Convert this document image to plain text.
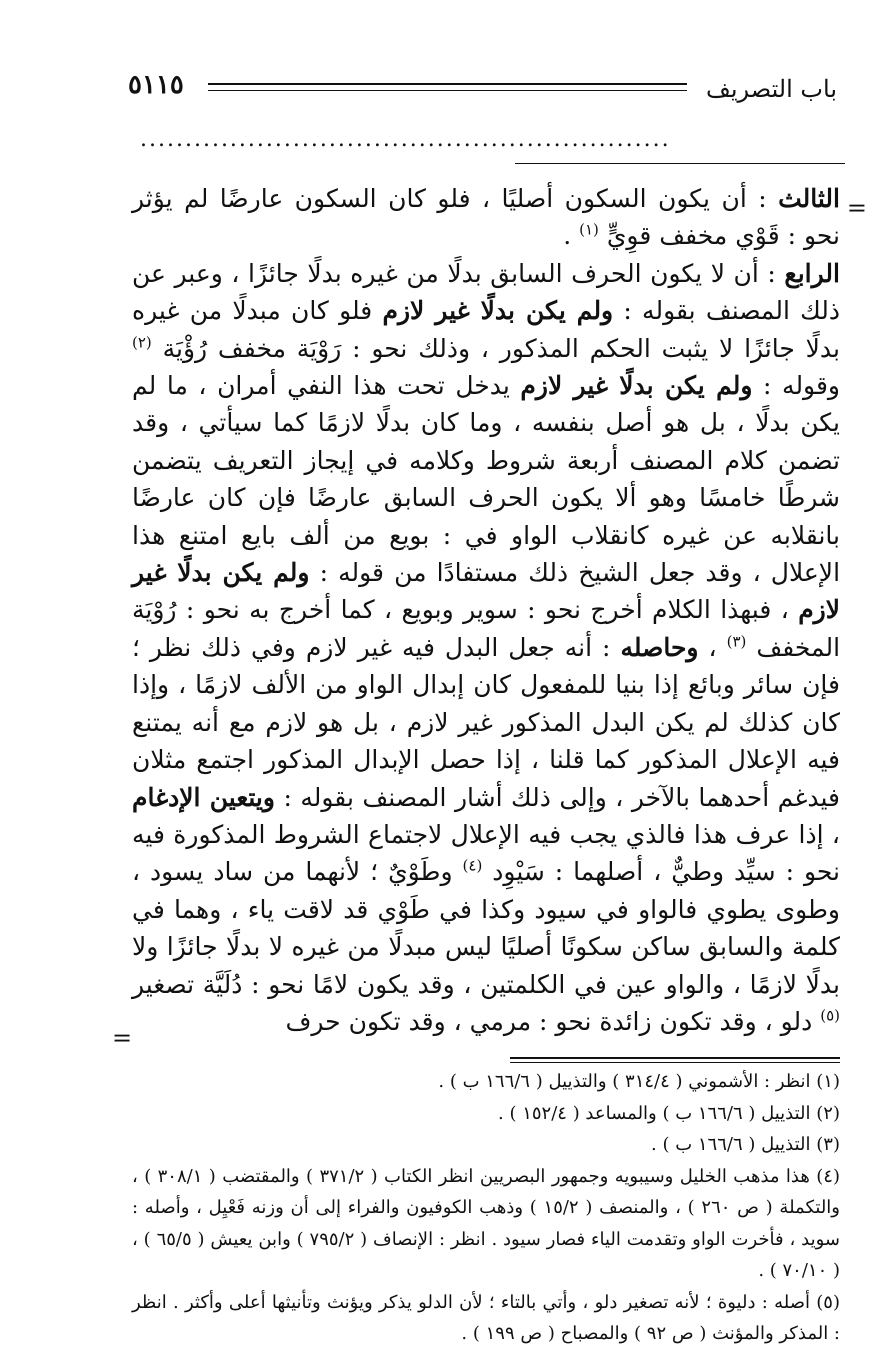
باب التصريف
٥١١٥
...........................................................
=

الثالث : أن يكون السكون أصليًا ، فلو كان السكون عارضًا لم يؤثر نحو : قَوْي مخفف قوِيٍّ $^{(١)}$ .

الرابع : أن لا يكون الحرف السابق بدلًا من غيره بدلًا جائزًا ، وعبر عن ذلك المصنف بقوله : ولم يكن بدلًا غير لازم فلو كان مبدلًا من غيره بدلًا جائزًا لا يثبت الحكم المذكور ، وذلك نحو : رَوْيَة مخفف رُؤْيَة $^{(٢)}$ وقوله : ولم يكن بدلًا غير لازم يدخل تحت هذا النفي أمران ، ما لم يكن بدلًا ، بل هو أصل بنفسه ، وما كان بدلًا لازمًا كما سيأتي ، وقد تضمن كلام المصنف أربعة شروط وكلامه في إيجاز التعريف يتضمن شرطًا خامسًا وهو ألا يكون الحرف السابق عارضًا فإن كان عارضًا بانقلابه عن غيره كانقلاب الواو في : بويع من ألف بايع امتنع هذا الإعلال ، وقد جعل الشيخ ذلك مستفادًا من قوله : ولم يكن بدلًا غير لازم ، فبهذا الكلام أخرج نحو : سوير وبويع ، كما أخرج به نحو : رُوْيَة المخفف $^{(٣)}$ ، وحاصله : أنه جعل البدل فيه غير لازم وفي ذلك نظر ؛ فإن سائر وبائع إذا بنيا للمفعول كان إبدال الواو من الألف لازمًا ، وإذا كان كذلك لم يكن البدل المذكور غير لازم ، بل هو لازم مع أنه يمتنع فيه الإعلال المذكور كما قلنا ، إذا حصل الإبدال المذكور اجتمع مثلان فيدغم أحدهما بالآخر ، وإلى ذلك أشار المصنف بقوله : ويتعين الإدغام ، إذا عرف هذا فالذي يجب فيه الإعلال لاجتماع الشروط المذكورة فيه نحو : سيِّد وطيٌّ ، أصلهما : سَيْوِد $^{(٤)}$ وطَوْيٌ ؛ لأنهما من ساد يسود ، وطوى يطوي فالواو في سيود وكذا في طَوْي قد لاقت ياء ، وهما في كلمة والسابق ساكن سكونًا أصليًا ليس مبدلًا من غيره لا بدلًا جائزًا ولا بدلًا لازمًا ، والواو عين في الكلمتين ، وقد يكون لامًا نحو : دُلَيَّة تصغير $^{(٥)}$ دلو ، وقد تكون زائدة نحو : مرمي ، وقد تكون حرف

=

(١) انظر : الأشموني ( ٣١٤/٤ ) والتذييل ( ١٦٦/٦ ب ) .

(٢) التذييل ( ١٦٦/٦ ب ) والمساعد ( ١٥٢/٤ ) .

(٣) التذييل ( ١٦٦/٦ ب ) .

(٤) هذا مذهب الخليل وسيبويه وجمهور البصريين انظر الكتاب ( ٣٧١/٢ ) والمقتضب ( ٣٠٨/١ ) ، والتكملة ( ص ٢٦٠ ) ، والمنصف ( ١٥/٢ ) وذهب الكوفيون والفراء إلى أن وزنه فَعْيِل ، وأصله : سويد ، فأخرت الواو وتقدمت الياء فصار سيود . انظر : الإنصاف ( ٧٩٥/٢ ) وابن يعيش ( ٦٥/٥ ) ، ( ٧٠/١٠ ) .

(٥) أصله : دليوة ؛ لأنه تصغير دلو ، وأتي بالتاء ؛ لأن الدلو يذكر ويؤنث وتأنيثها أعلى وأكثر . انظر : المذكر والمؤنث ( ص ٩٢ ) والمصباح ( ص ١٩٩ ) .
